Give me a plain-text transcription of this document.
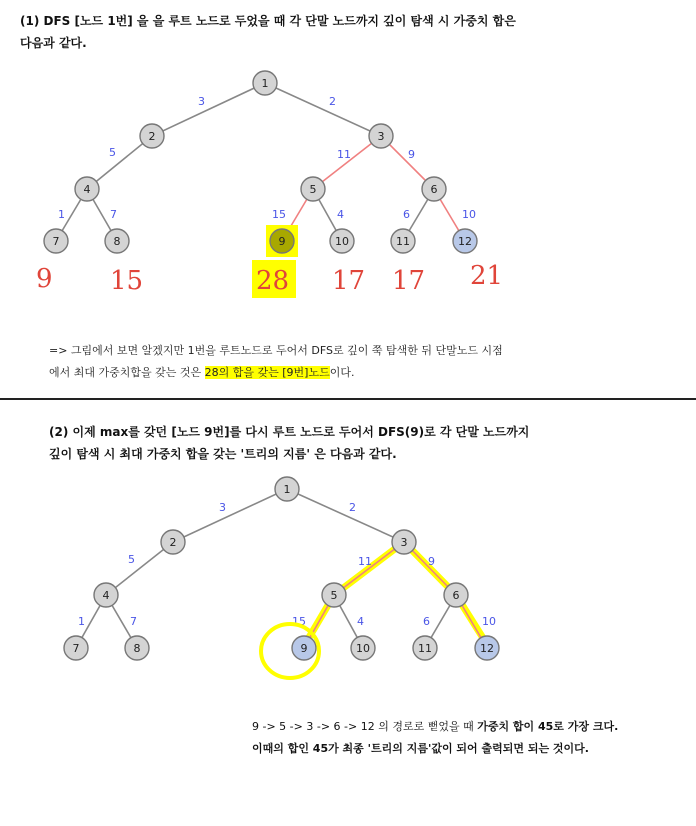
(1) DFS [노드 1번] 을 을 루트 노드로 두었을 때 각 단말 노드까지 깊이 탐색 시 가중치 합은
다음과 같다.
3	2
5	11	9
1	7	15	4	6	10
1
2	3
4	5	6
7	8	9	10	11	12
9 15	28 17 17 21
=> 그림에서 보면 알겠지만 1번을 루트노드로 두어서 DFS로 깊이 쭉 탐색한 뒤 단말노드 시점
에서 최대 가중치합을 갖는 것은 28의 합을 갖는 [9번]노드이다.
(2) 이제 max를 갖던 [노드 9번]를 다시 루트 노드로 두어서 DFS(9)로 각 단말 노드까지
깊이 탐색 시 최대 가중치 합을 갖는 '트리의 지름' 은 다음과 같다.
3	2
5	11	9
1	7	15	4	6	10
1
2	3
4	5	6
7	8	9	10	11	12
9 -> 5 -> 3 -> 6 -> 12 의 경로로 뻗었을 때 가중치 합이 45로 가장 크다.
이때의 합인 45가 최종 '트리의 지름'값이 되어 출력되면 되는 것이다.
